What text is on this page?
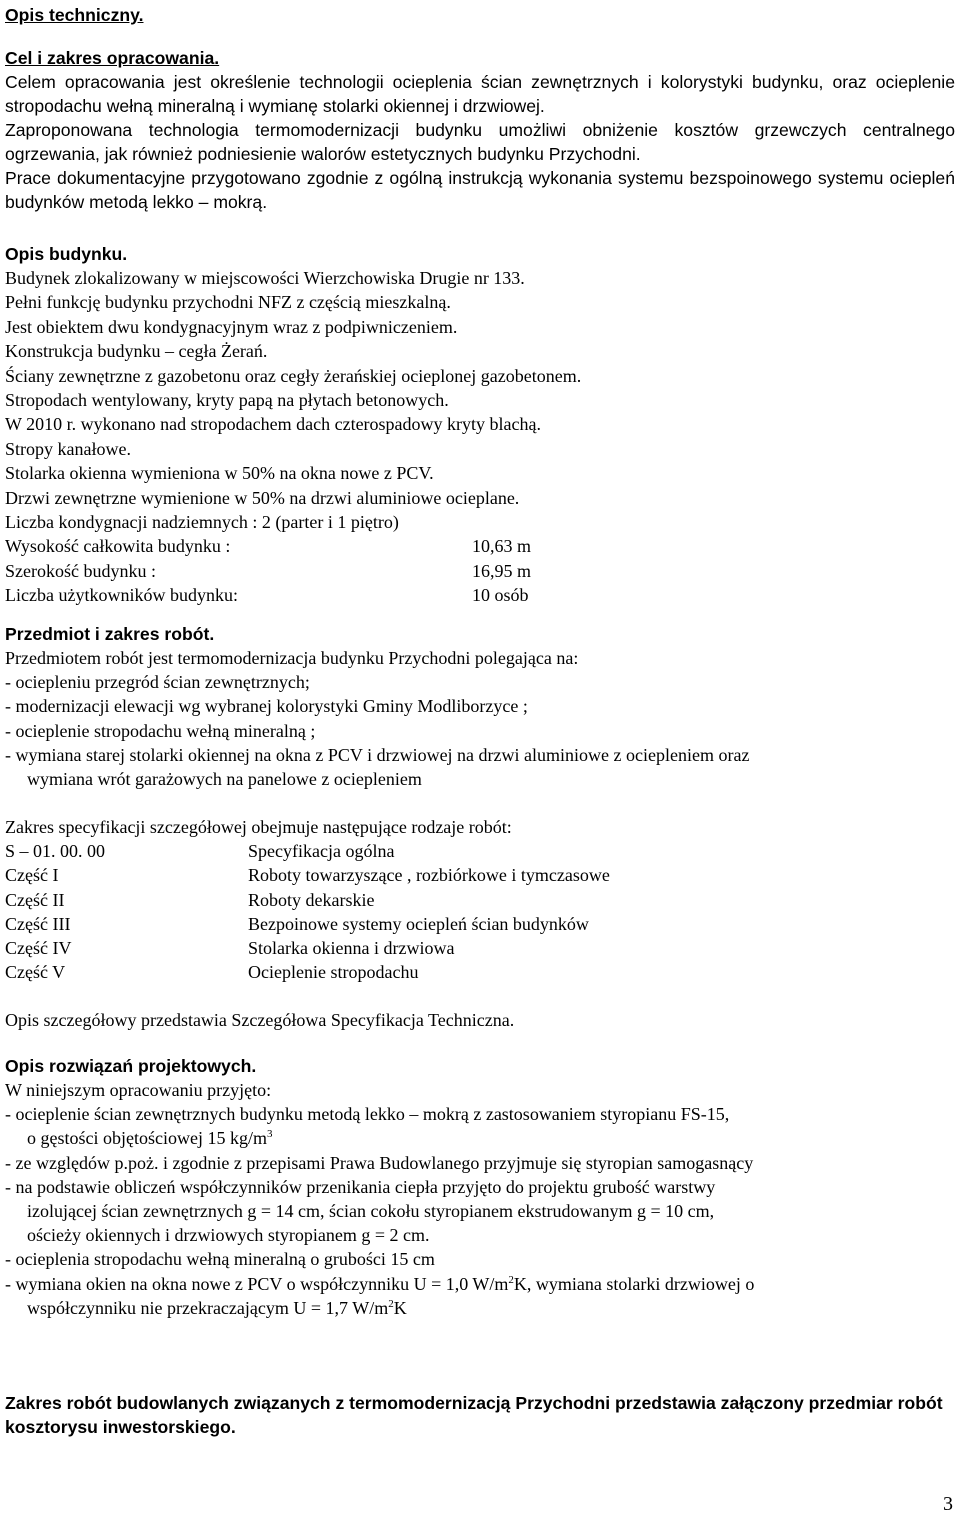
Opis techniczny.

Cel i zakres opracowania.

Celem opracowania jest określenie technologii ocieplenia ścian zewnętrznych i kolorystyki budynku, oraz ocieplenie stropodachu wełną mineralną i wymianę stolarki okiennej i drzwiowej.

Zaproponowana technologia termomodernizacji budynku umożliwi obniżenie kosztów grzewczych centralnego ogrzewania, jak również podniesienie walorów estetycznych budynku Przychodni.

Prace dokumentacyjne przygotowano zgodnie z ogólną instrukcją wykonania systemu bezspoinowego systemu ociepleń budynków metodą lekko – mokrą.

Opis budynku.

Budynek zlokalizowany w miejscowości Wierzchowiska Drugie nr 133.

Pełni funkcję budynku przychodni NFZ z częścią mieszkalną.

Jest obiektem dwu kondygnacyjnym wraz z podpiwniczeniem.

Konstrukcja budynku – cegła Żerań.

Ściany zewnętrzne z gazobetonu oraz cegły żerańskiej ocieplonej gazobetonem.

Stropodach wentylowany, kryty papą na płytach betonowych.

W 2010 r. wykonano nad stropodachem dach czterospadowy kryty blachą.

Stropy kanałowe.

Stolarka okienna wymieniona w 50% na okna nowe z PCV.

Drzwi zewnętrzne wymienione w 50% na drzwi aluminiowe ocieplane.

Liczba kondygnacji nadziemnych : 2 (parter i 1 piętro)

Wysokość całkowita budynku :	10,63 m
Szerokość budynku :	16,95 m
Liczba użytkowników budynku:	10 osób

Przedmiot i zakres robót.

Przedmiotem robót jest termomodernizacja budynku Przychodni polegająca na:

- ociepleniu przegród ścian zewnętrznych;

- modernizacji elewacji wg wybranej kolorystyki Gminy Modliborzyce ;

- ocieplenie stropodachu wełną mineralną ;

- wymiana starej stolarki okiennej na okna z PCV i drzwiowej na drzwi aluminiowe z ociepleniem oraz

wymiana wrót garażowych na panelowe z ociepleniem

Zakres specyfikacji szczegółowej obejmuje następujące rodzaje robót:

S – 01. 00. 00	Specyfikacja ogólna
Część I	Roboty towarzyszące , rozbiórkowe i tymczasowe
Część II	Roboty dekarskie
Część III	Bezpoinowe systemy ociepleń ścian budynków
Część IV	Stolarka okienna i drzwiowa
Część V	Ocieplenie stropodachu

Opis szczegółowy przedstawia Szczegółowa Specyfikacja Techniczna.

Opis rozwiązań projektowych.

W niniejszym opracowaniu przyjęto:

- ocieplenie ścian zewnętrznych budynku metodą lekko – mokrą z zastosowaniem styropianu FS-15,

o gęstości objętościowej 15 $kg/m^3$

- ze względów p.poż. i zgodnie z przepisami Prawa Budowlanego przyjmuje się styropian samogasnący

- na podstawie obliczeń współczynników przenikania ciepła przyjęto do projektu grubość warstwy

izolującej ścian zewnętrznych g = 14 cm, ścian cokołu styropianem ekstrudowanym g = 10 cm,

ościeży okiennych i drzwiowych styropianem g = 2 cm.

- ocieplenia stropodachu wełną mineralną o grubości 15 cm

- wymiana okien na okna nowe z PCV o współczynniku U = 1,0 $W/m^2K$, wymiana stolarki drzwiowej o

współczynniku nie przekraczającym U = 1,7 $W/m^2K$

Zakres robót budowlanych związanych z termomodernizacją Przychodni przedstawia załączony przedmiar robót kosztorysu inwestorskiego.

3
